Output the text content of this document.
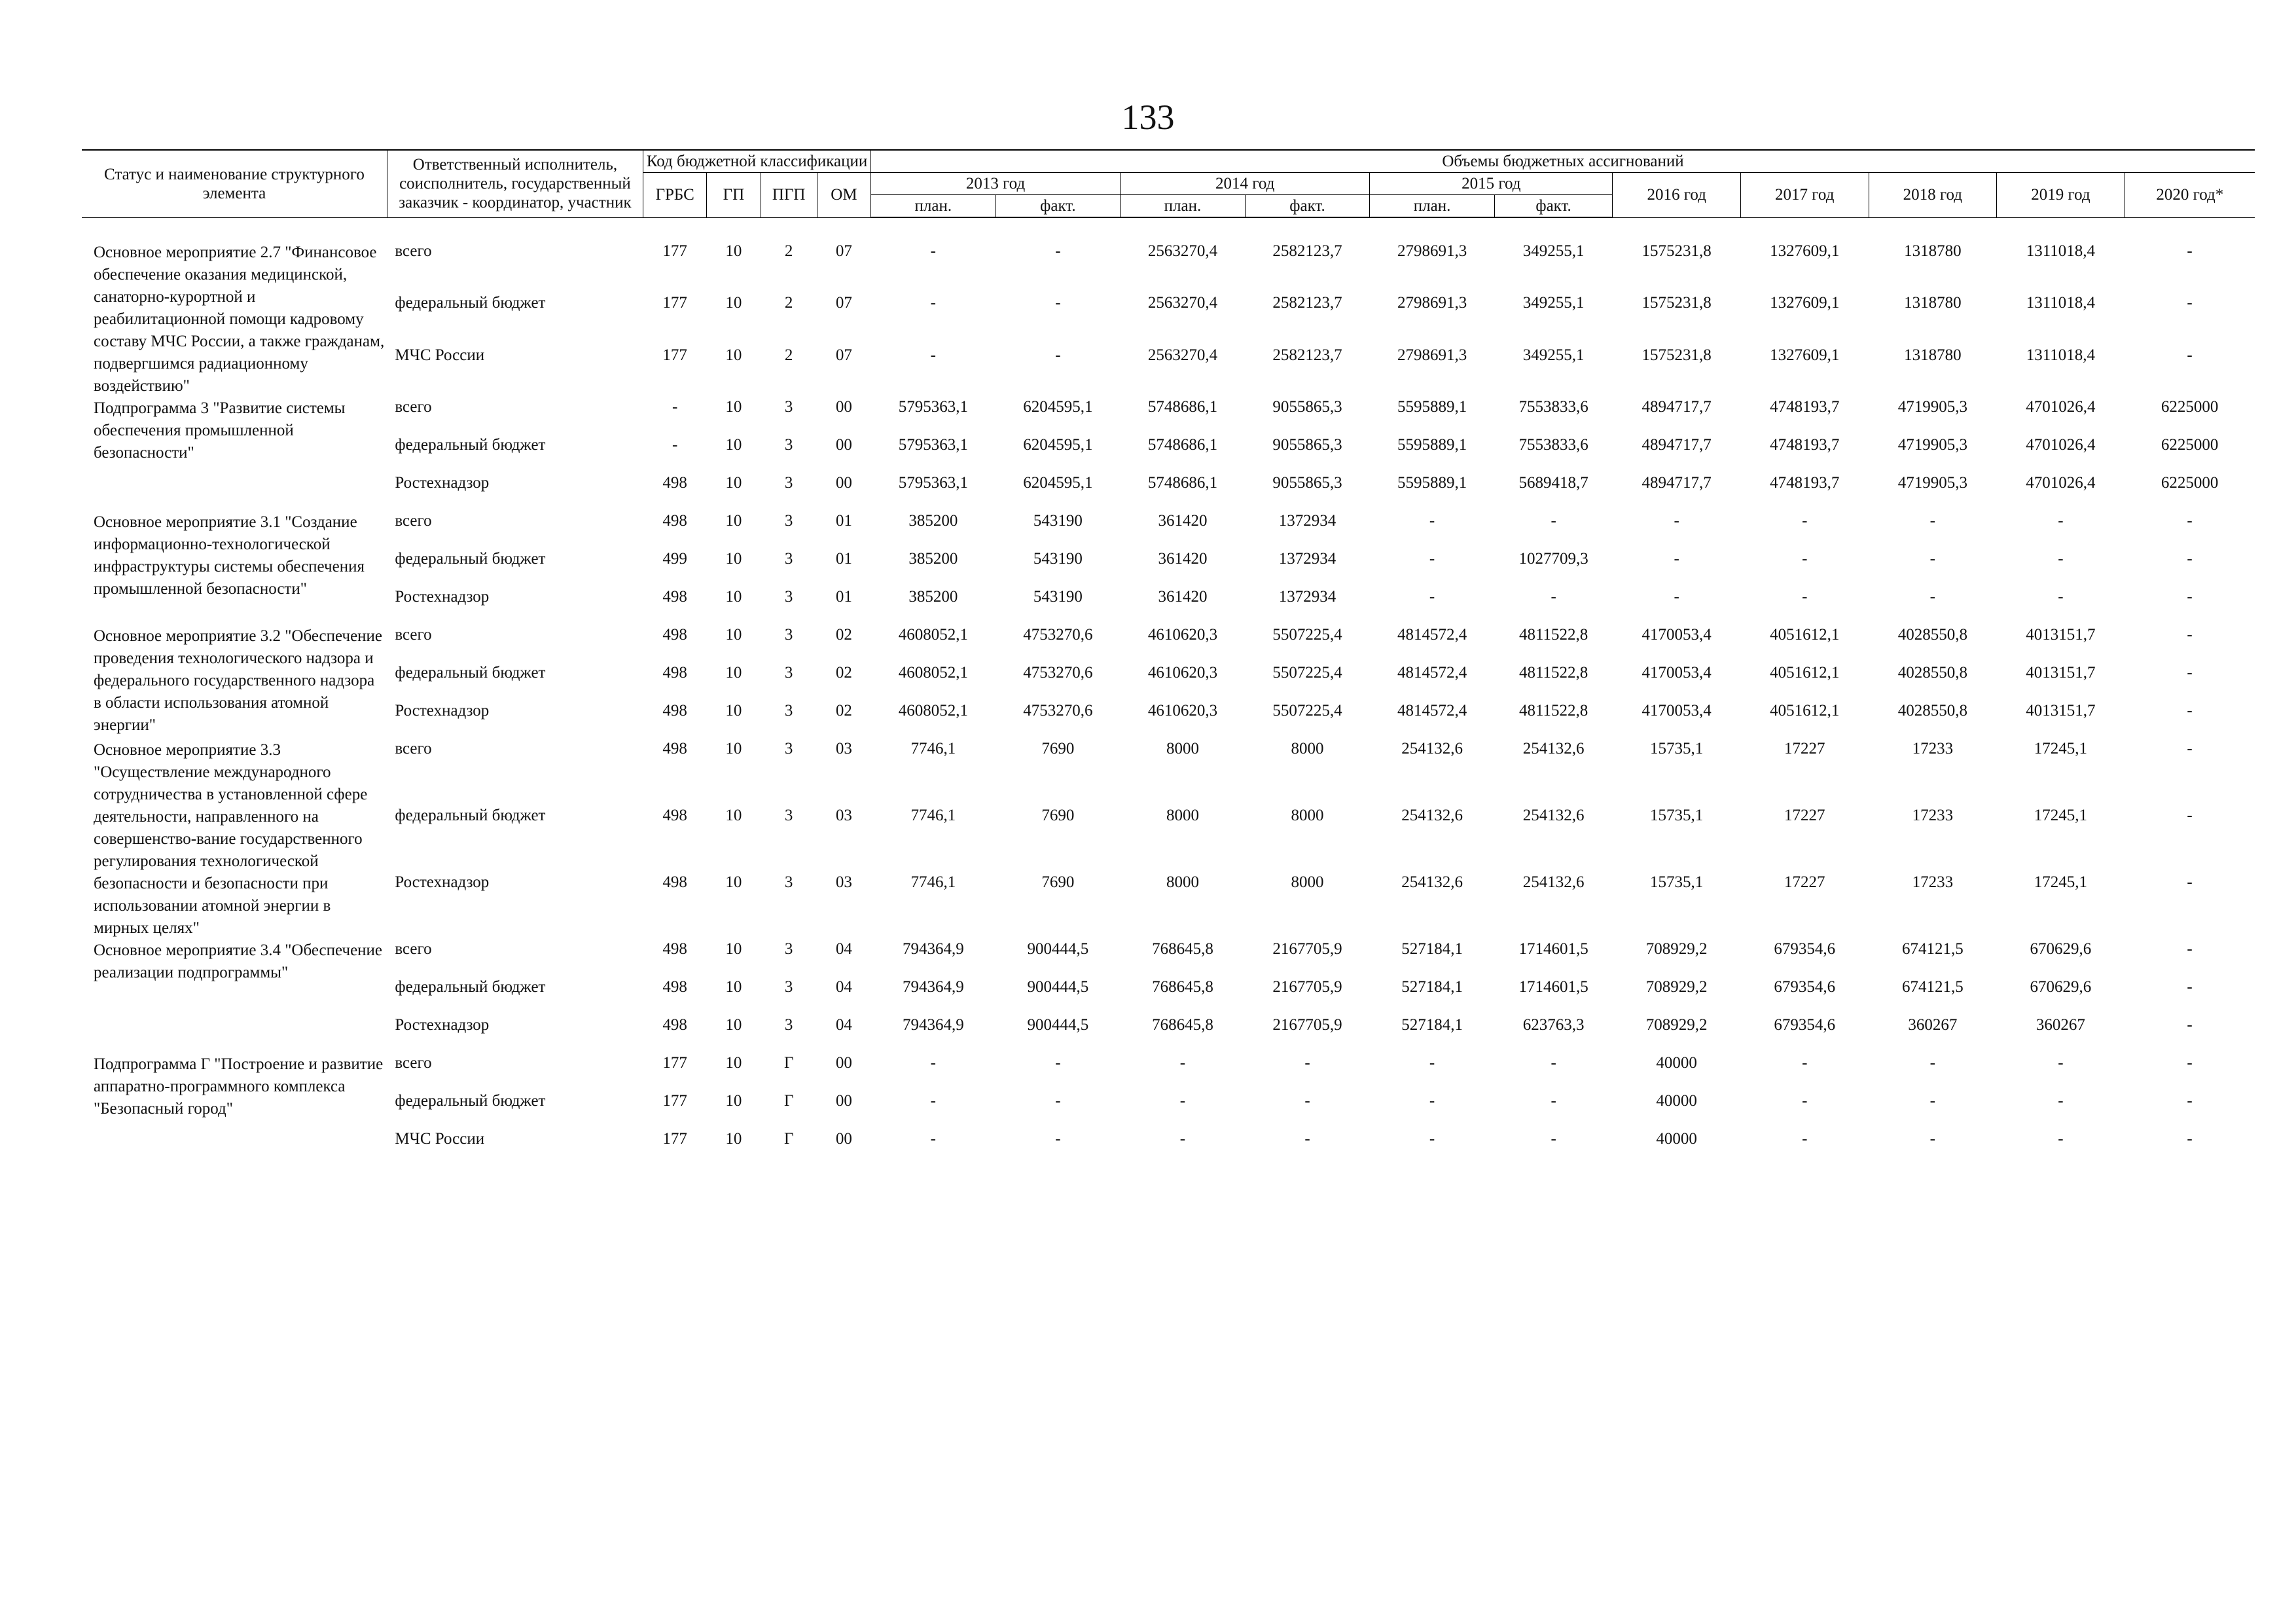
133
Статус и наименование структурного элемента	Ответственный исполнитель, соисполнитель, государственный заказчик - координатор, участник	Код бюджетной классификации				Объемы бюджетных ассигнований										
		ГРБС	ГП	ПГП	ОМ	2013 год		2014 год		2015 год		2016 год	2017 год	2018 год	2019 год	2020 год*
						план.	факт.	план.	факт.	план.	факт.					

Основное мероприятие 2.7 "Финансовое обеспечение оказания медицинской, санаторно-курортной и реабилитационной помощи кадровому составу МЧС России, а также гражданам, подвергшимся радиационному воздействию"	всего	177	10	2	07	-	-	2563270,4	2582123,7	2798691,3	349255,1	1575231,8	1327609,1	1318780	1311018,4	-
	федеральный бюджет	177	10	2	07	-	-	2563270,4	2582123,7	2798691,3	349255,1	1575231,8	1327609,1	1318780	1311018,4	-
	МЧС России	177	10	2	07	-	-	2563270,4	2582123,7	2798691,3	349255,1	1575231,8	1327609,1	1318780	1311018,4	-
Подпрограмма 3 "Развитие системы обеспечения промышленной безопасности"	всего	-	10	3	00	5795363,1	6204595,1	5748686,1	9055865,3	5595889,1	7553833,6	4894717,7	4748193,7	4719905,3	4701026,4	6225000
	федеральный бюджет	-	10	3	00	5795363,1	6204595,1	5748686,1	9055865,3	5595889,1	7553833,6	4894717,7	4748193,7	4719905,3	4701026,4	6225000
	Ростехнадзор	498	10	3	00	5795363,1	6204595,1	5748686,1	9055865,3	5595889,1	5689418,7	4894717,7	4748193,7	4719905,3	4701026,4	6225000
Основное мероприятие 3.1 "Создание информационно-технологической инфраструктуры системы обеспечения промышленной безопасности"	всего	498	10	3	01	385200	543190	361420	1372934	-	-	-	-	-	-	-
	федеральный бюджет	499	10	3	01	385200	543190	361420	1372934	-	1027709,3	-	-	-	-	-
	Ростехнадзор	498	10	3	01	385200	543190	361420	1372934	-	-	-	-	-	-	-
Основное мероприятие 3.2 "Обеспечение проведения технологического надзора и федерального государственного надзора в области использования атомной энергии"	всего	498	10	3	02	4608052,1	4753270,6	4610620,3	5507225,4	4814572,4	4811522,8	4170053,4	4051612,1	4028550,8	4013151,7	-
	федеральный бюджет	498	10	3	02	4608052,1	4753270,6	4610620,3	5507225,4	4814572,4	4811522,8	4170053,4	4051612,1	4028550,8	4013151,7	-
	Ростехнадзор	498	10	3	02	4608052,1	4753270,6	4610620,3	5507225,4	4814572,4	4811522,8	4170053,4	4051612,1	4028550,8	4013151,7	-
Основное мероприятие 3.3 "Осуществление международного сотрудничества в установленной сфере деятельности, направленного на совершенство-вание государственного регулирования технологической безопасности и безопасности при использовании атомной энергии в мирных целях"	всего	498	10	3	03	7746,1	7690	8000	8000	254132,6	254132,6	15735,1	17227	17233	17245,1	-
	федеральный бюджет	498	10	3	03	7746,1	7690	8000	8000	254132,6	254132,6	15735,1	17227	17233	17245,1	-
	Ростехнадзор	498	10	3	03	7746,1	7690	8000	8000	254132,6	254132,6	15735,1	17227	17233	17245,1	-
Основное мероприятие 3.4 "Обеспечение реализации подпрограммы"	всего	498	10	3	04	794364,9	900444,5	768645,8	2167705,9	527184,1	1714601,5	708929,2	679354,6	674121,5	670629,6	-
	федеральный бюджет	498	10	3	04	794364,9	900444,5	768645,8	2167705,9	527184,1	1714601,5	708929,2	679354,6	674121,5	670629,6	-
	Ростехнадзор	498	10	3	04	794364,9	900444,5	768645,8	2167705,9	527184,1	623763,3	708929,2	679354,6	360267	360267	-
Подпрограмма Г "Построение и развитие аппаратно-программного комплекса "Безопасный город"	всего	177	10	Г	00	-	-	-	-	-	-	40000	-	-	-	-
	федеральный бюджет	177	10	Г	00	-	-	-	-	-	-	40000	-	-	-	-
	МЧС России	177	10	Г	00	-	-	-	-	-	-	40000	-	-	-	-
